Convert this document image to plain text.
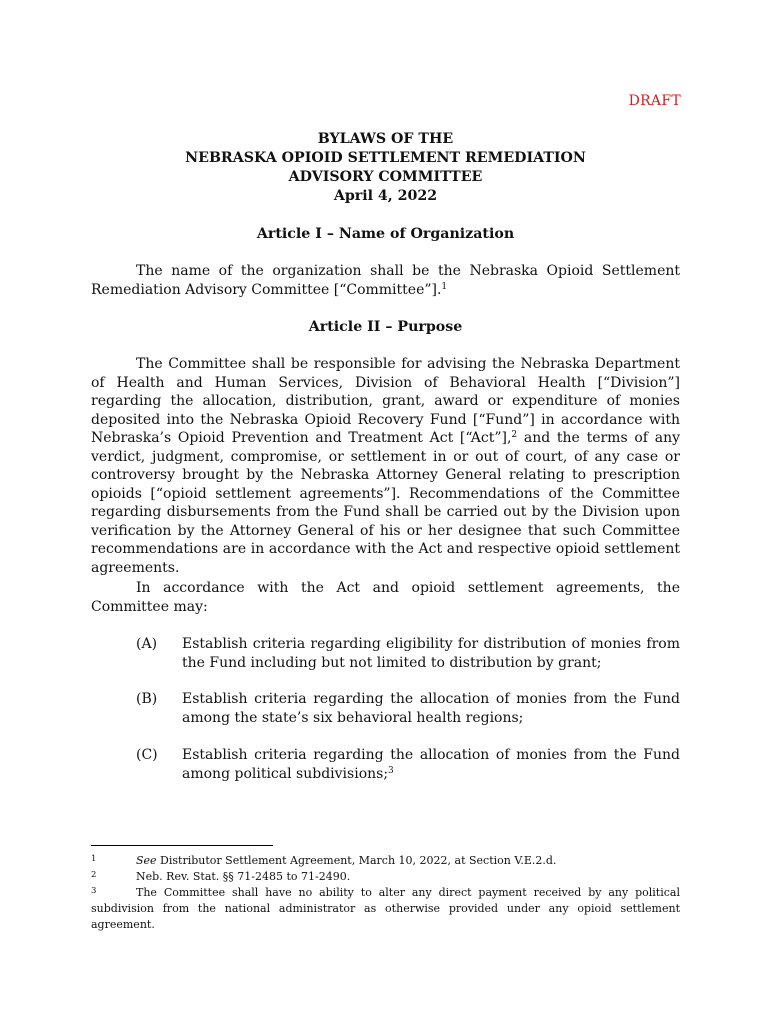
DRAFT
BYLAWS OF THE
NEBRASKA OPIOID SETTLEMENT REMEDIATION
ADVISORY COMMITTEE
April 4, 2022
Article I – Name of Organization
The name of the organization shall be the Nebraska Opioid Settlement Remediation Advisory Committee [“Committee”].$^1$
Article II – Purpose
The Committee shall be responsible for advising the Nebraska Department of Health and Human Services, Division of Behavioral Health [“Division”] regarding the allocation, distribution, grant, award or expenditure of monies deposited into the Nebraska Opioid Recovery Fund [“Fund”] in accordance with Nebraska’s Opioid Prevention and Treatment Act [“Act”],$^2$ and the terms of any verdict, judgment, compromise, or settlement in or out of court, of any case or controversy brought by the Nebraska Attorney General relating to prescription opioids [“opioid settlement agreements”]. Recommendations of the Committee regarding disbursements from the Fund shall be carried out by the Division upon verification by the Attorney General of his or her designee that such Committee recommendations are in accordance with the Act and respective opioid settlement agreements.
In accordance with the Act and opioid settlement agreements, the Committee may:
(A) Establish criteria regarding eligibility for distribution of monies from the Fund including but not limited to distribution by grant;
(B) Establish criteria regarding the allocation of monies from the Fund among the state’s six behavioral health regions;
(C) Establish criteria regarding the allocation of monies from the Fund among political subdivisions;$^3$
1	See Distributor Settlement Agreement, March 10, 2022, at Section V.E.2.d.
2	Neb. Rev. Stat. §§ 71-2485 to 71-2490.
3	The Committee shall have no ability to alter any direct payment received by any political subdivision from the national administrator as otherwise provided under any opioid settlement agreement.
